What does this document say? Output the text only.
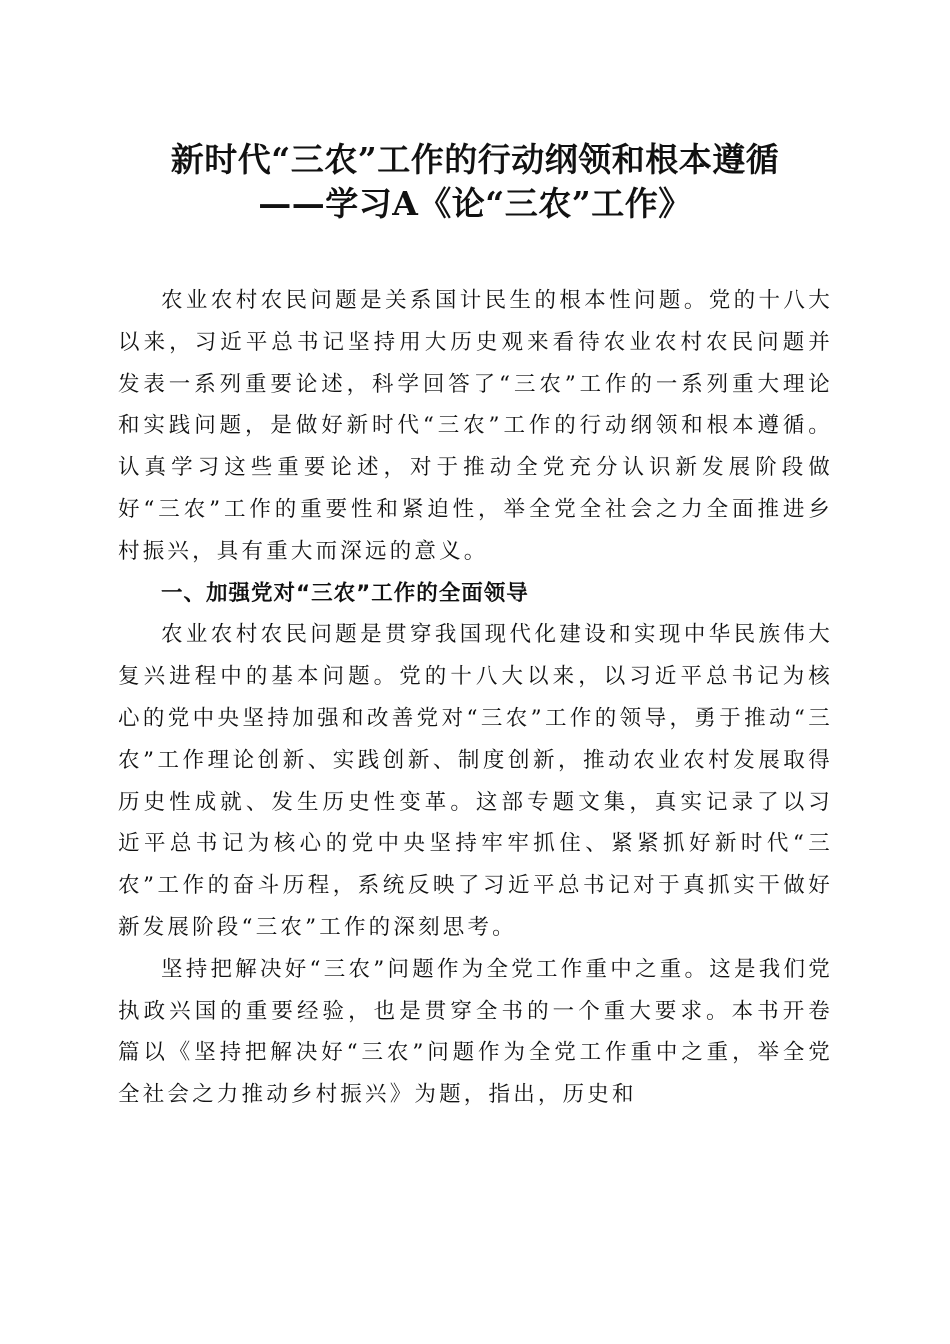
新时代“三农”工作的行动纲领和根本遵循
——学习A《论“三农”工作》

农业农村农民问题是关系国计民生的根本性问题。党的十八大以来，习近平总书记坚持用大历史观来看待农业农村农民问题并发表一系列重要论述，科学回答了“三农”工作的一系列重大理论和实践问题，是做好新时代“三农”工作的行动纲领和根本遵循。认真学习这些重要论述，对于推动全党充分认识新发展阶段做好“三农”工作的重要性和紧迫性，举全党全社会之力全面推进乡村振兴，具有重大而深远的意义。

一、加强党对“三农”工作的全面领导

农业农村农民问题是贯穿我国现代化建设和实现中华民族伟大复兴进程中的基本问题。党的十八大以来，以习近平总书记为核心的党中央坚持加强和改善党对“三农”工作的领导，勇于推动“三农”工作理论创新、实践创新、制度创新，推动农业农村发展取得历史性成就、发生历史性变革。这部专题文集，真实记录了以习近平总书记为核心的党中央坚持牢牢抓住、紧紧抓好新时代“三农”工作的奋斗历程，系统反映了习近平总书记对于真抓实干做好新发展阶段“三农”工作的深刻思考。

坚持把解决好“三农”问题作为全党工作重中之重。这是我们党执政兴国的重要经验，也是贯穿全书的一个重大要求。本书开卷篇以《坚持把解决好“三农”问题作为全党工作重中之重，举全党全社会之力推动乡村振兴》为题，指出，历史和
